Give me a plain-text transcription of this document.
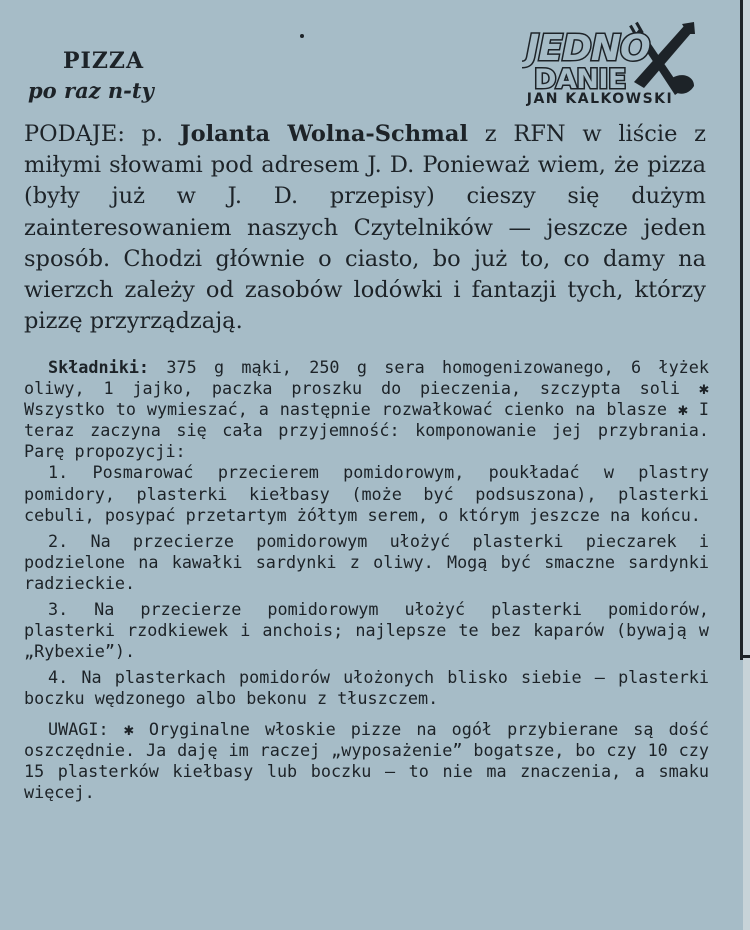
PIZZA
po raz n-ty
JEDNO
DANIE
JAN KALKOWSKI

PODAJE: p. Jolanta Wolna-Schmal z RFN w liście z miłymi słowami pod adresem J. D. Ponieważ wiem, że pizza (były już w J. D. przepisy) cieszy się dużym zainteresowaniem naszych Czytelników — jeszcze jeden sposób. Chodzi głównie o ciasto, bo już to, co damy na wierzch zależy od zasobów lodówki i fantazji tych, którzy pizzę przyrządzają.

Składniki: 375 g mąki, 250 g sera homogenizowanego, 6 łyżek oliwy, 1 jajko, paczka proszku do pieczenia, szczypta soli ✱ Wszystko to wymieszać, a następnie rozwałkować cienko na blasze ✱ I teraz zaczyna się cała przyjemność: komponowanie jej przybrania. Parę propozycji:

1. Posmarować przecierem pomidorowym, poukładać w plastry pomidory, plasterki kiełbasy (może być podsuszona), plasterki cebuli, posypać przetartym żółtym serem, o którym jeszcze na końcu.

2. Na przecierze pomidorowym ułożyć plasterki pieczarek i podzielone na kawałki sardynki z oliwy. Mogą być smaczne sardynki radzieckie.

3. Na przecierze pomidorowym ułożyć plasterki pomidorów, plasterki rzodkiewek i anchois; najlepsze te bez kaparów (bywają w „Rybexie”).

4. Na plasterkach pomidorów ułożonych blisko siebie — plasterki boczku wędzonego albo bekonu z tłuszczem.

UWAGI: ✱ Oryginalne włoskie pizze na ogół przybierane są dość oszczędnie. Ja daję im raczej „wyposażenie” bogatsze, bo czy 10 czy 15 plasterków kiełbasy lub boczku — to nie ma znaczenia, a smaku więcej.
